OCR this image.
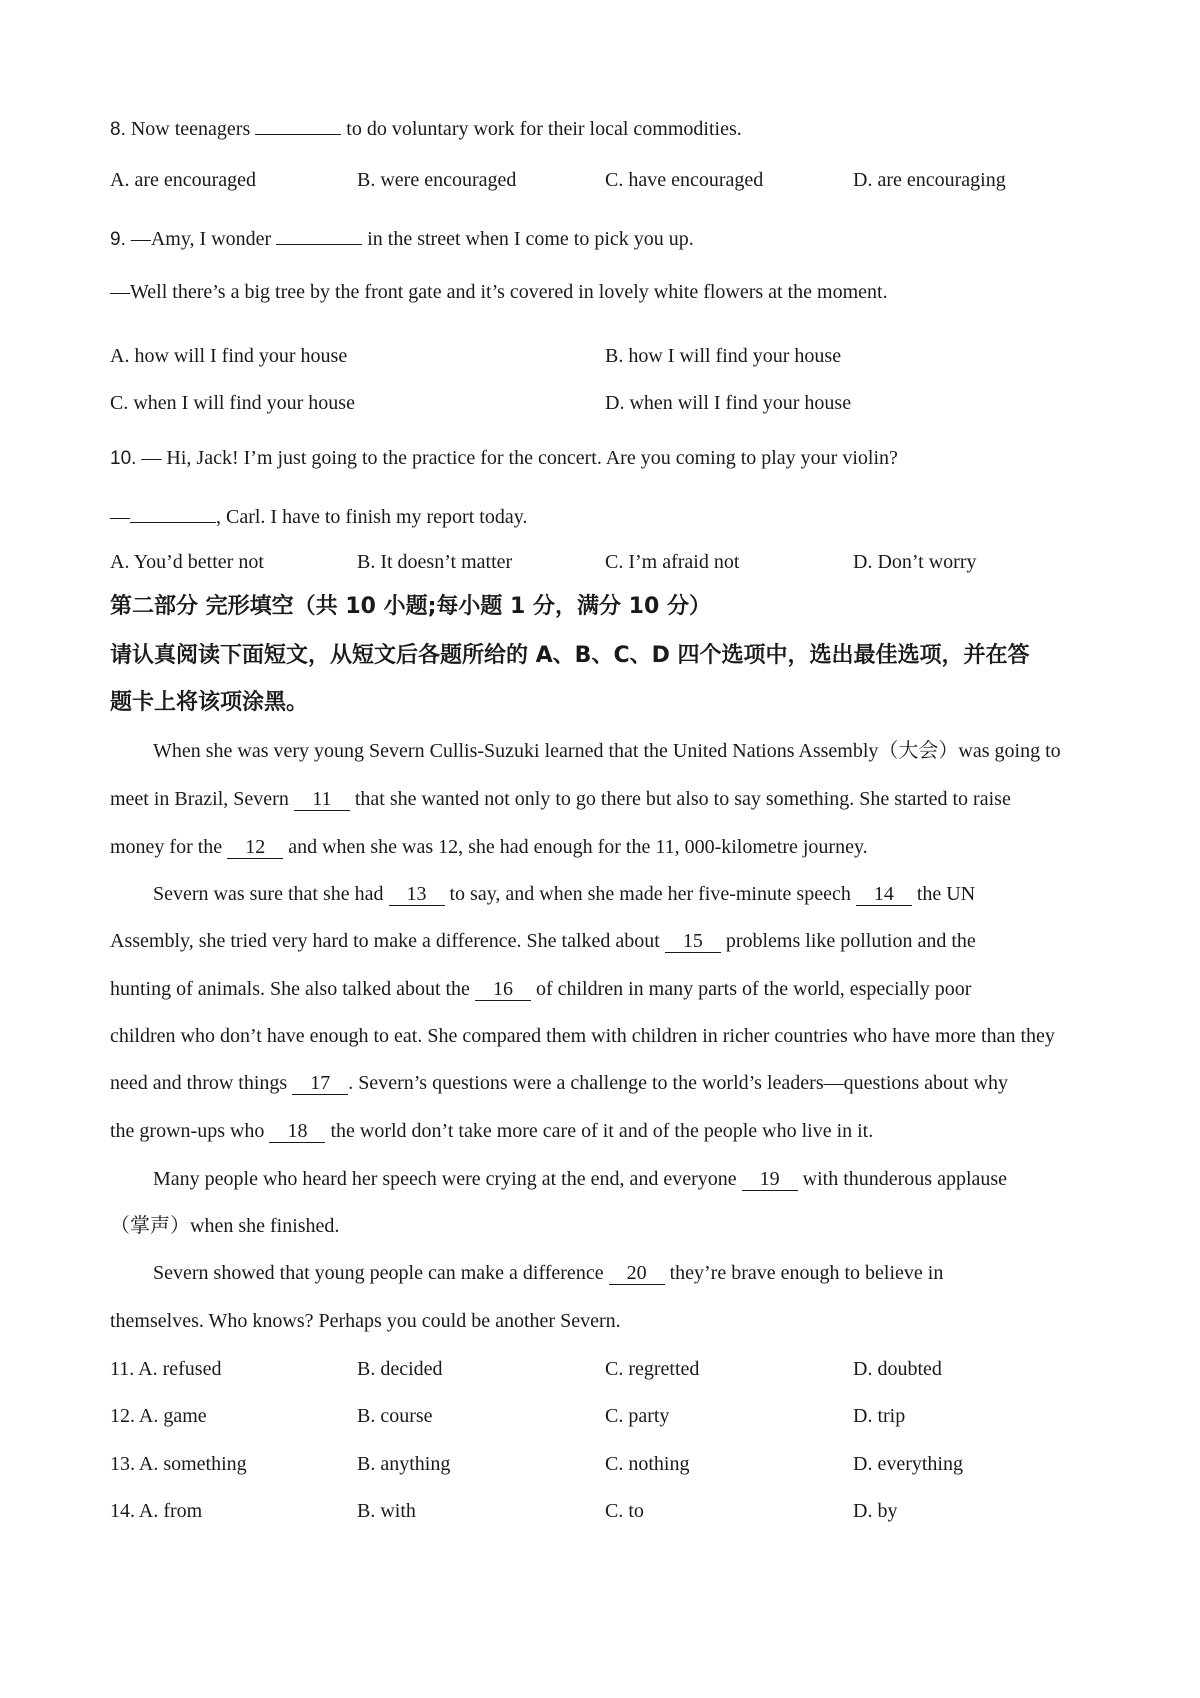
8. Now teenagers	to do voluntary work for their local commodities.
A. are encouraged	B. were encouraged	C. have encouraged	D. are encouraging
9. —Amy, I wonder	in the street when I come to pick you up.
—Well there’s a big tree by the front gate and it’s covered in lovely white flowers at the moment.
A. how will I find your house	B. how I will find your house
C. when I will find your house	D. when will I find your house
10. — Hi, Jack! I’m just going to the practice for the concert. Are you coming to play your violin?
—	, Carl. I have to finish my report today.
A. You’d better not	B. It doesn’t matter	C. I’m afraid not	D. Don’t worry
第二部分 完形填空（共 10 小题;每小题 1 分，满分 10 分）
请认真阅读下面短文，从短文后各题所给的 A、B、C、D 四个选项中，选出最佳选项，并在答
题卡上将该项涂黑。
When she was very young Severn Cullis-Suzuki learned that the United Nations Assembly（大会）was going to
meet in Brazil, Severn 11 that she wanted not only to go there but also to say something. She started to raise
money for the 12 and when she was 12, she had enough for the 11, 000-kilometre journey.
Severn was sure that she had 13 to say, and when she made her five-minute speech 14 the UN
Assembly, she tried very hard to make a difference. She talked about 15 problems like pollution and the
hunting of animals. She also talked about the 16 of children in many parts of the world, especially poor
children who don’t have enough to eat. She compared them with children in richer countries who have more than they
need and throw things 17 . Severn’s questions were a challenge to the world’s leaders—questions about why
the grown-ups who 18 the world don’t take more care of it and of the people who live in it.
Many people who heard her speech were crying at the end, and everyone 19 with thunderous applause
（掌声）when she finished.
Severn showed that young people can make a difference 20 they’re brave enough to believe in
themselves. Who knows? Perhaps you could be another Severn.
11. A. refused	B. decided	C. regretted	D. doubted
12. A. game	B. course	C. party	D. trip
13. A. something	B. anything	C. nothing	D. everything
14. A. from	B. with	C. to	D. by
